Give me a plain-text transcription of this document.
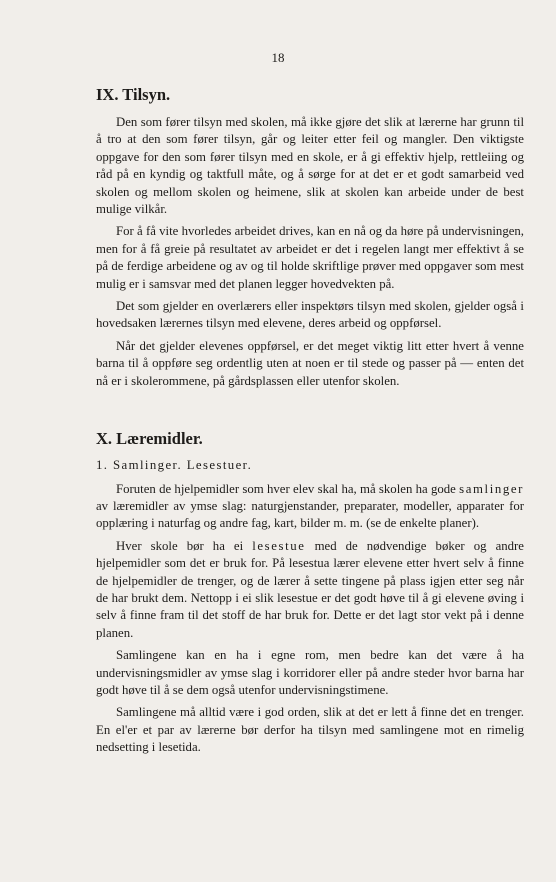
18
IX. Tilsyn.

Den som fører tilsyn med skolen, må ikke gjøre det slik at lærerne har grunn til å tro at den som fører tilsyn, går og leiter etter feil og mangler. Den viktigste oppgave for den som fører tilsyn med en skole, er å gi effektiv hjelp, rettleiing og råd på en kyndig og taktfull måte, og å sørge for at det er et godt samarbeid ved skolen og mellom skolen og heimene, slik at skolen kan arbeide under de best mulige vilkår.

For å få vite hvorledes arbeidet drives, kan en nå og da høre på undervisningen, men for å få greie på resultatet av arbeidet er det i regelen langt mer effektivt å se på de ferdige arbeidene og av og til holde skriftlige prøver med oppgaver som mest mulig er i samsvar med det planen legger hovedvekten på.

Det som gjelder en overlærers eller inspektørs tilsyn med skolen, gjelder også i hovedsaken lærernes tilsyn med elevene, deres arbeid og oppførsel.

Når det gjelder elevenes oppførsel, er det meget viktig litt etter hvert å venne barna til å oppføre seg ordentlig uten at noen er til stede og passer på — enten det nå er i skolerommene, på gårdsplassen eller utenfor skolen.

X. Læremidler.
1. Samlinger. Lesestuer.

Foruten de hjelpemidler som hver elev skal ha, må skolen ha gode samlinger av læremidler av ymse slag: naturgjenstander, preparater, modeller, apparater for opplæring i naturfag og andre fag, kart, bilder m. m. (se de enkelte planer).

Hver skole bør ha ei lesestue med de nødvendige bøker og andre hjelpemidler som det er bruk for. På lesestua lærer elevene etter hvert selv å finne de hjelpemidler de trenger, og de lærer å sette tingene på plass igjen etter seg når de har brukt dem. Nettopp i ei slik lesestue er det godt høve til å gi elevene øving i selv å finne fram til det stoff de har bruk for. Dette er det lagt stor vekt på i denne planen.

Samlingene kan en ha i egne rom, men bedre kan det være å ha undervisningsmidler av ymse slag i korridorer eller på andre steder hvor barna har godt høve til å se dem også utenfor undervisningstimene.

Samlingene må alltid være i god orden, slik at det er lett å finne det en trenger. En el'er et par av lærerne bør derfor ha tilsyn med samlingene mot en rimelig nedsetting i lesetida.
